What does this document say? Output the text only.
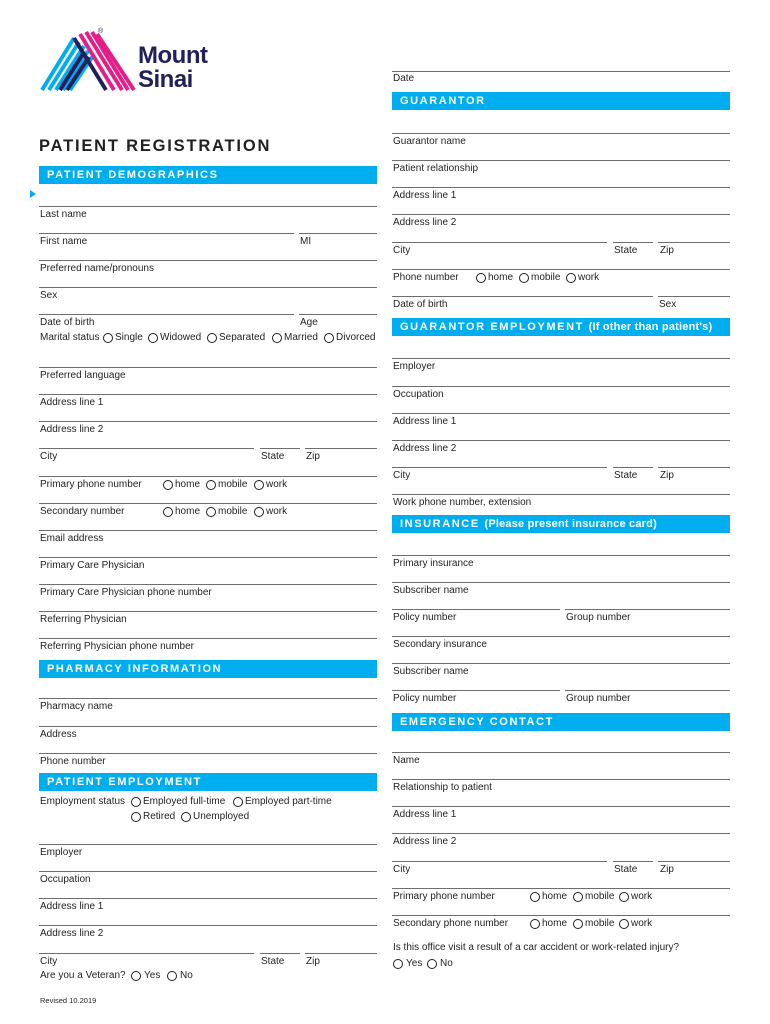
®
Mount
Sinai	Date
PATIENT REGISTRATION
PATIENT DEMOGRAPHICS
Last name
First name	MI
Preferred name/pronouns
Sex
Date of birth	Age
Marital status Single Widowed Separated Married Divorced
Preferred language
Address line 1
Address line 2
City	State Zip
Primary phone number	home mobile work
Secondary number	home mobile work
Email address
Primary Care Physician
Primary Care Physician phone number
Referring Physician
Referring Physician phone number
PHARMACY INFORMATION
Pharmacy name
Address
Phone number
PATIENT EMPLOYMENT
Employment status Employed full-time Employed part-time
Retired Unemployed
Employer
Occupation
Address line 1
Address line 2
City	State Zip
Are you a Veteran? Yes No
Revised 10.2019
GUARANTOR
Guarantor name
Patient relationship
Address line 1
Address line 2
City	State Zip
Phone number	home mobile work
Date of birth	Sex
GUARANTOR EMPLOYMENT (If other than patient's)
Employer
Occupation
Address line 1
Address line 2
City	State Zip
Work phone number, extension
INSURANCE (Please present insurance card)
Primary insurance
Subscriber name
Policy number	Group number
Secondary insurance
Subscriber name
Policy number	Group number
EMERGENCY CONTACT
Name
Relationship to patient
Address line 1
Address line 2
City	State Zip
Primary phone number	home mobile work
Secondary phone number	home mobile work
Is this office visit a result of a car accident or work-related injury?
Yes No
